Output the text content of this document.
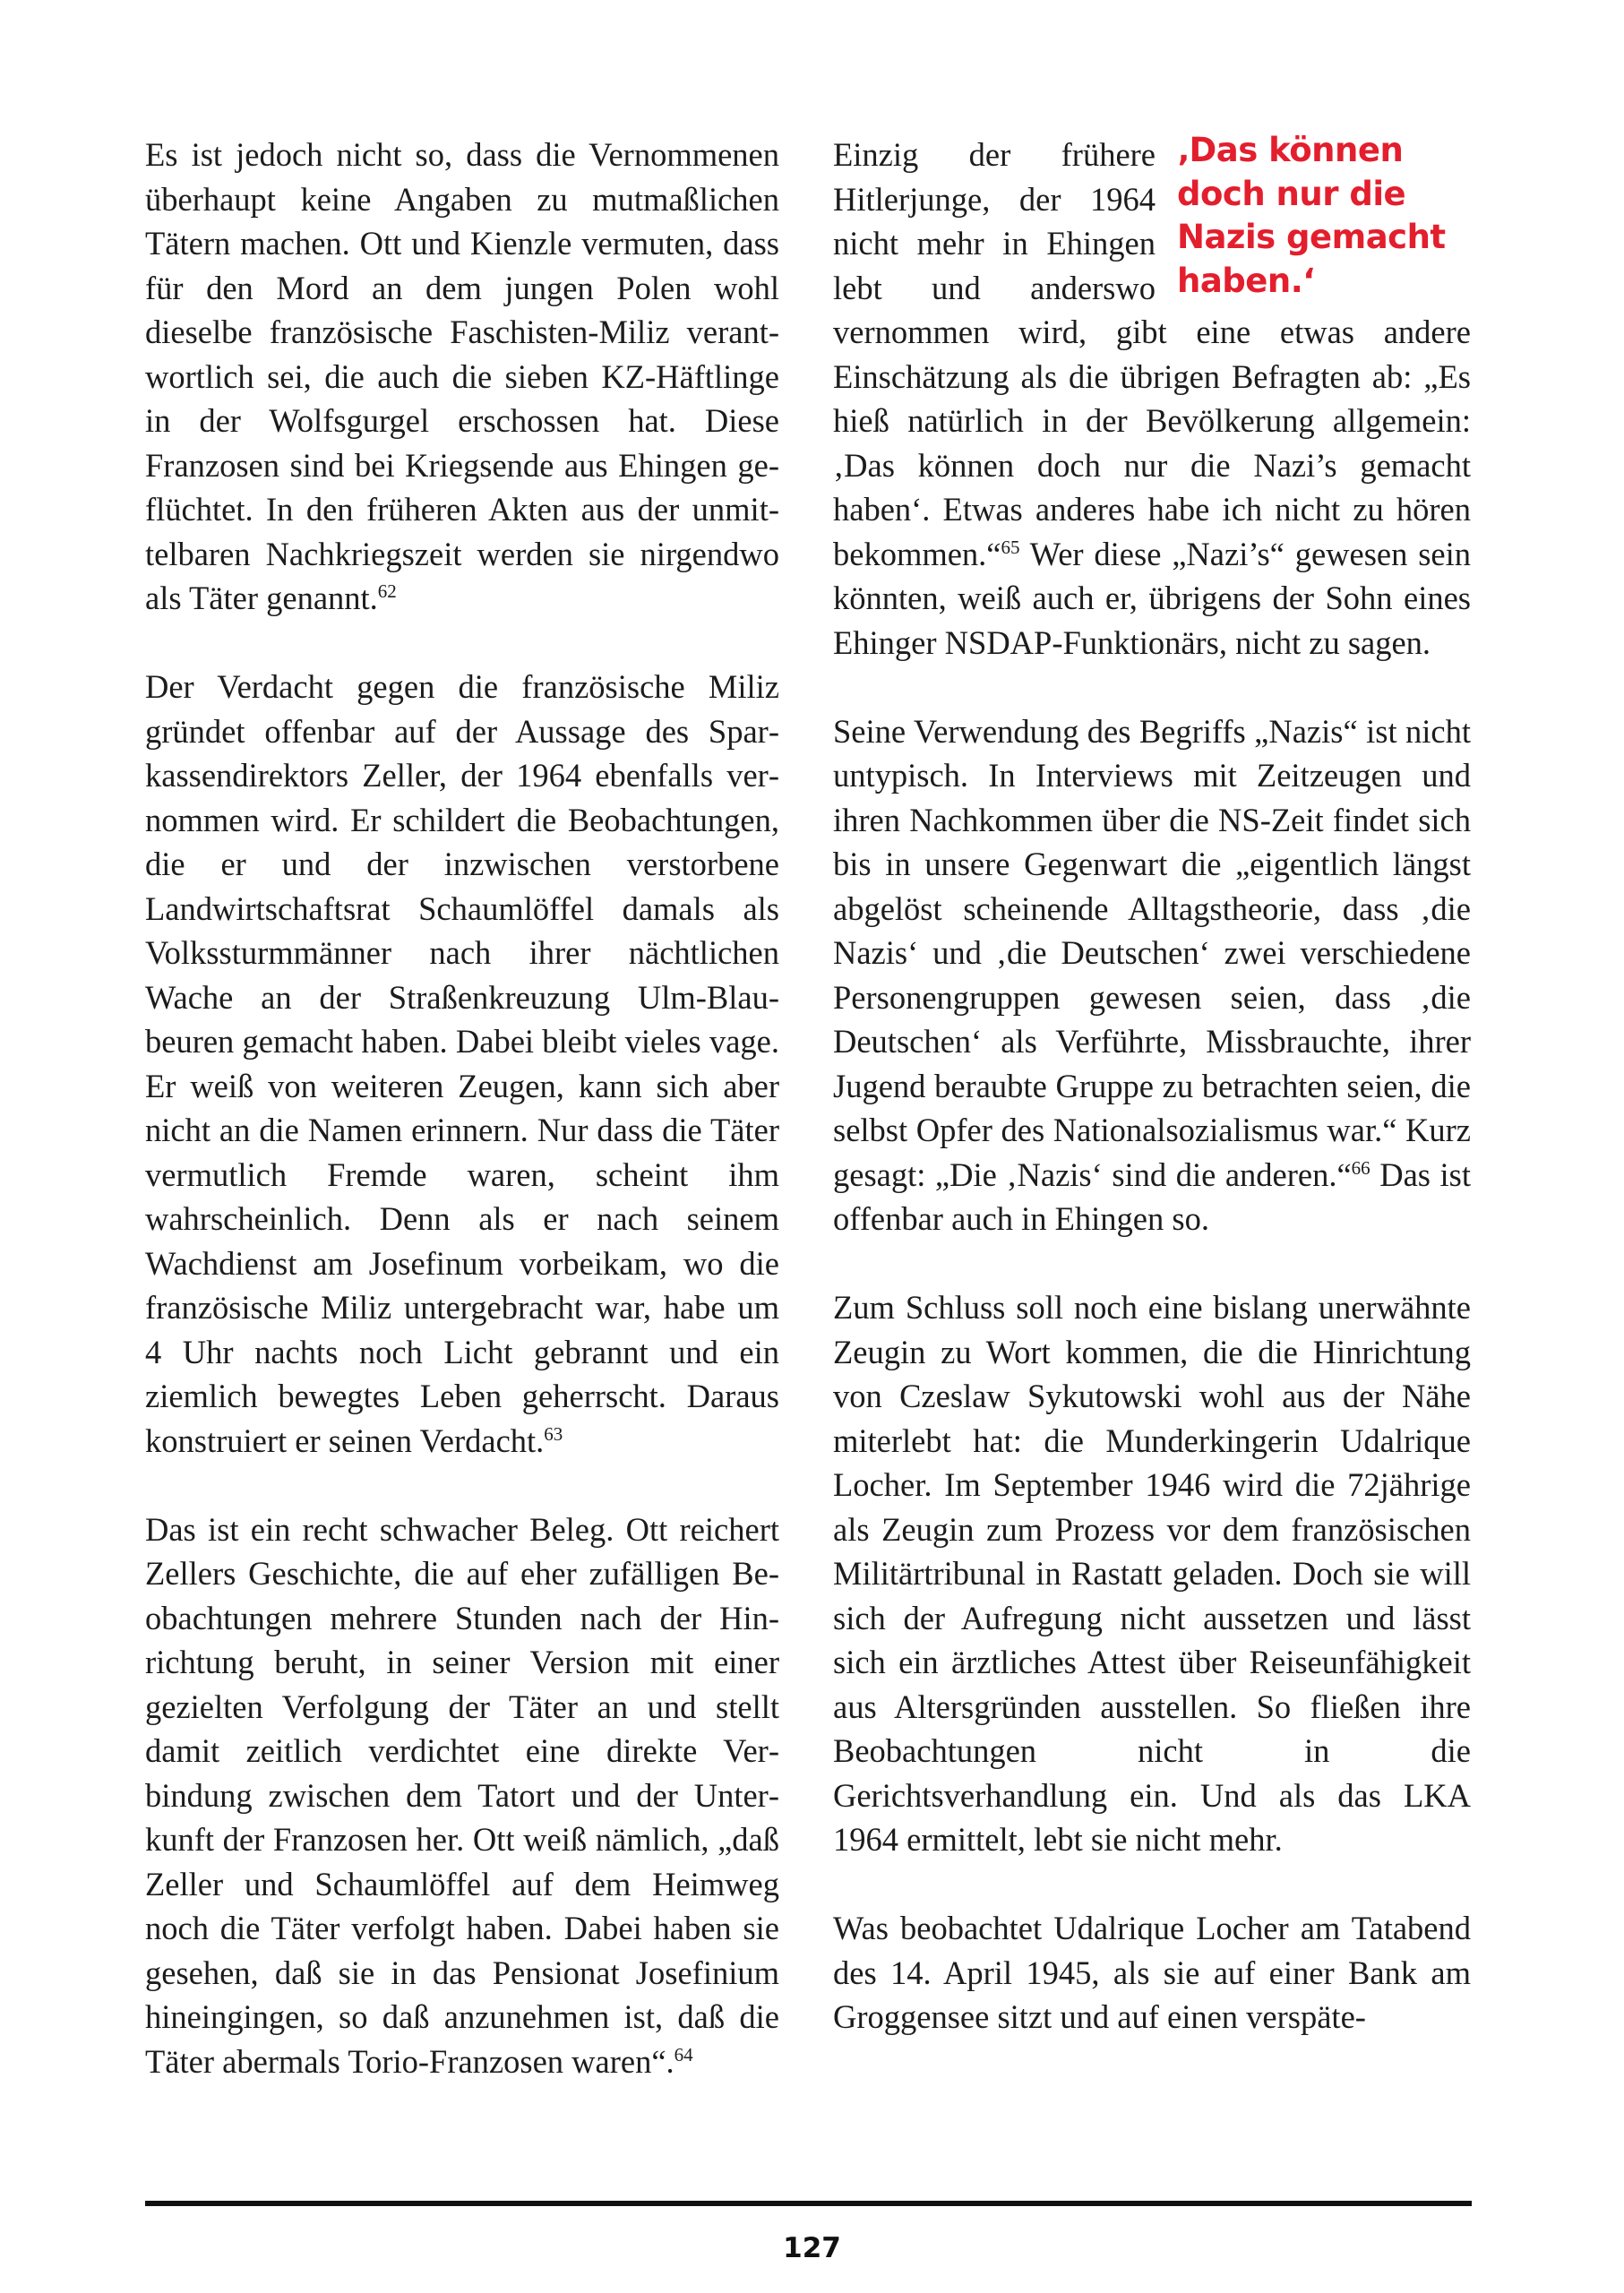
Es ist jedoch nicht so, dass die Vernommenen überhaupt keine Angaben zu mutmaßlichen Tätern machen. Ott und Kienzle vermuten, dass für den Mord an dem jungen Polen wohl dieselbe französische Faschisten-Miliz verantwortlich sei, die auch die sieben KZ-Häftlinge in der Wolfsgurgel erschossen hat. Diese Franzosen sind bei Kriegsende aus Ehingen geflüchtet. In den früheren Akten aus der unmittelbaren Nachkriegszeit werden sie nirgendwo als Täter genannt.$^{62}$

Der Verdacht gegen die französische Miliz gründet offenbar auf der Aussage des Sparkassendirektors Zeller, der 1964 ebenfalls vernommen wird. Er schildert die Beobachtungen, die er und der inzwischen verstorbene Landwirtschaftsrat Schaumlöffel damals als Volkssturmmänner nach ihrer nächtlichen Wache an der Straßenkreuzung Ulm-Blaubeuren gemacht haben. Dabei bleibt vieles vage. Er weiß von weiteren Zeugen, kann sich aber nicht an die Namen erinnern. Nur dass die Täter vermutlich Fremde waren, scheint ihm wahrscheinlich. Denn als er nach seinem Wachdienst am Josefinum vorbeikam, wo die französische Miliz untergebracht war, habe um 4 Uhr nachts noch Licht gebrannt und ein ziemlich bewegtes Leben geherrscht. Daraus konstruiert er seinen Verdacht.$^{63}$

Das ist ein recht schwacher Beleg. Ott reichert Zellers Geschichte, die auf eher zufälligen Beobachtungen mehrere Stunden nach der Hinrichtung beruht, in seiner Version mit einer gezielten Verfolgung der Täter an und stellt damit zeitlich verdichtet eine direkte Verbindung zwischen dem Tatort und der Unterkunft der Franzosen her. Ott weiß nämlich, „daß Zeller und Schaumlöffel auf dem Heimweg noch die Täter verfolgt haben. Dabei haben sie gesehen, daß sie in das Pensionat Josefinium hineingingen, so daß anzunehmen ist, daß die Täter abermals Torio-Franzosen waren“.$^{64}$

‚Das können doch nur die Nazis gemacht haben.‘

Einzig der frühere Hitlerjunge, der 1964 nicht mehr in Ehingen lebt und anderswo vernommen wird, gibt eine etwas andere Einschätzung als die übrigen Befragten ab: „Es hieß natürlich in der Bevölkerung allgemein: ‚Das können doch nur die Nazi’s gemacht haben‘. Etwas anderes habe ich nicht zu hören bekommen.“$^{65}$ Wer diese „Nazi’s“ gewesen sein könnten, weiß auch er, übrigens der Sohn eines Ehinger NSDAP-Funktionärs, nicht zu sagen.

Seine Verwendung des Begriffs „Nazis“ ist nicht untypisch. In Interviews mit Zeitzeugen und ihren Nachkommen über die NS-Zeit findet sich bis in unsere Gegenwart die „eigentlich längst abgelöst scheinende Alltagstheorie, dass ‚die Nazis‘ und ‚die Deutschen‘ zwei verschiedene Personengruppen gewesen seien, dass ‚die Deutschen‘ als Verführte, Missbrauchte, ihrer Jugend beraubte Gruppe zu betrachten seien, die selbst Opfer des Nationalsozialismus war.“ Kurz gesagt: „Die ‚Nazis‘ sind die anderen.“$^{66}$ Das ist offenbar auch in Ehingen so.

Zum Schluss soll noch eine bislang unerwähnte Zeugin zu Wort kommen, die die Hinrichtung von Czeslaw Sykutowski wohl aus der Nähe miterlebt hat: die Munderkingerin Udalrique Locher. Im September 1946 wird die 72jährige als Zeugin zum Prozess vor dem französischen Militärtribunal in Rastatt geladen. Doch sie will sich der Aufregung nicht aussetzen und lässt sich ein ärztliches Attest über Reiseunfähigkeit aus Altersgründen ausstellen. So fließen ihre Beobachtungen nicht in die Gerichtsverhandlung ein. Und als das LKA 1964 ermittelt, lebt sie nicht mehr.

Was beobachtet Udalrique Locher am Tatabend des 14. April 1945, als sie auf einer Bank am Groggensee sitzt und auf einen verspäte-

127
